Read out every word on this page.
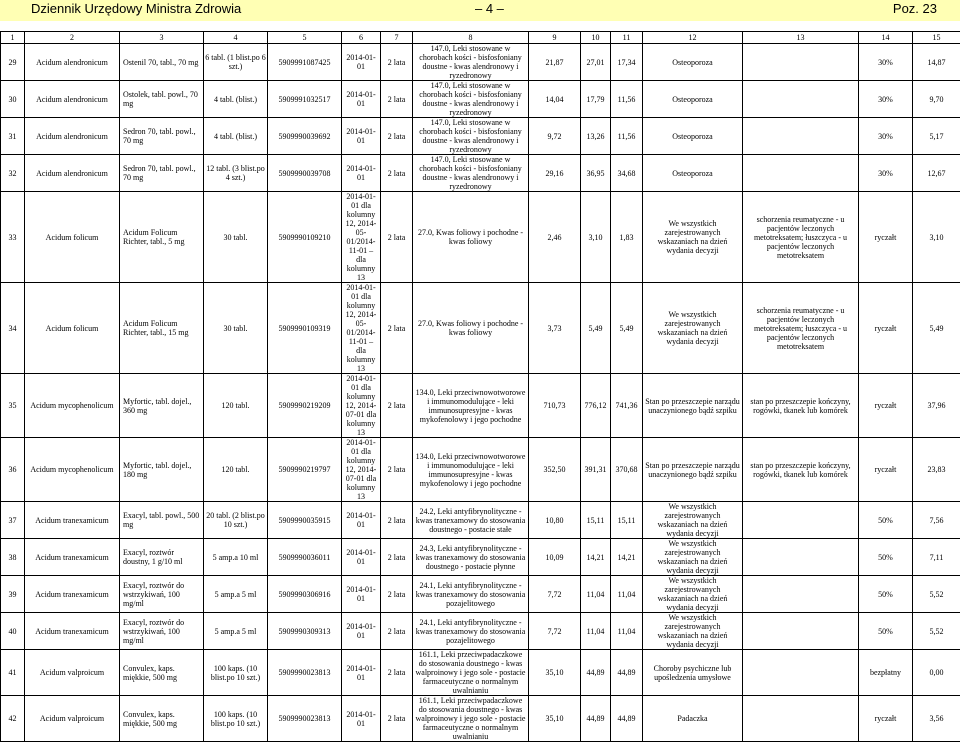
Dziennik Urzędowy Ministra Zdrowia	– 4 –	Poz. 23
1	2	3	4	5	6	7	8	9	10	11	12	13	14	15
29	Acidum alendronicum	Ostenil 70, tabl., 70 mg	6 tabl. (1 blist.po 6 szt.)	5909991087425	2014-01-01	2 lata	147.0, Leki stosowane w chorobach kości - bisfosfoniany doustne - kwas alendronowy i ryzedronowy	21,87	27,01	17,34	Osteoporoza		30%	14,87
30	Acidum alendronicum	Ostolek, tabl. powl., 70 mg	4 tabl. (blist.)	5909991032517	2014-01-01	2 lata	147.0, Leki stosowane w chorobach kości - bisfosfoniany doustne - kwas alendronowy i ryzedronowy	14,04	17,79	11,56	Osteoporoza		30%	9,70
31	Acidum alendronicum	Sedron 70, tabl. powl., 70 mg	4 tabl. (blist.)	5909990039692	2014-01-01	2 lata	147.0, Leki stosowane w chorobach kości - bisfosfoniany doustne - kwas alendronowy i ryzedronowy	9,72	13,26	11,56	Osteoporoza		30%	5,17
32	Acidum alendronicum	Sedron 70, tabl. powl., 70 mg	12 tabl. (3 blist.po 4 szt.)	5909990039708	2014-01-01	2 lata	147.0, Leki stosowane w chorobach kości - bisfosfoniany doustne - kwas alendronowy i ryzedronowy	29,16	36,95	34,68	Osteoporoza		30%	12,67
33	Acidum folicum	Acidum Folicum Richter, tabl., 5 mg	30 tabl.	5909990109210	2014-01-01 dla kolumny 12, 2014-05-01/2014-11-01 – dla kolumny 13	2 lata	27.0, Kwas foliowy i pochodne - kwas foliowy	2,46	3,10	1,83	We wszystkich zarejestrowanych wskazaniach na dzień wydania decyzji	schorzenia reumatyczne - u pacjentów leczonych metotreksatem; łuszczyca - u pacjentów leczonych metotreksatem	ryczałt	3,10
34	Acidum folicum	Acidum Folicum Richter, tabl., 15 mg	30 tabl.	5909990109319	2014-01-01 dla kolumny 12, 2014-05-01/2014-11-01 – dla kolumny 13	2 lata	27.0, Kwas foliowy i pochodne - kwas foliowy	3,73	5,49	5,49	We wszystkich zarejestrowanych wskazaniach na dzień wydania decyzji	schorzenia reumatyczne - u pacjentów leczonych metotreksatem; łuszczyca - u pacjentów leczonych metotreksatem	ryczałt	5,49
35	Acidum mycophenolicum	Myfortic, tabl. dojel., 360 mg	120 tabl.	5909990219209	2014-01-01 dla kolumny 12, 2014-07-01 dla kolumny 13	2 lata	134.0, Leki przeciwnowotworowe i immunomodulujące - leki immunosupresyjne - kwas mykofenolowy i jego pochodne	710,73	776,12	741,36	Stan po przeszczepie narządu unaczynionego bądź szpiku	stan po przeszczepie kończyny, rogówki, tkanek lub komórek	ryczałt	37,96
36	Acidum mycophenolicum	Myfortic, tabl. dojel., 180 mg	120 tabl.	5909990219797	2014-01-01 dla kolumny 12, 2014-07-01 dla kolumny 13	2 lata	134.0, Leki przeciwnowotworowe i immunomodulujące - leki immunosupresyjne - kwas mykofenolowy i jego pochodne	352,50	391,31	370,68	Stan po przeszczepie narządu unaczynionego bądź szpiku	stan po przeszczepie kończyny, rogówki, tkanek lub komórek	ryczałt	23,83
37	Acidum tranexamicum	Exacyl, tabl. powl., 500 mg	20 tabl. (2 blist.po 10 szt.)	5909990035915	2014-01-01	2 lata	24.2, Leki antyfibrynolityczne - kwas tranexamowy do stosowania doustnego - postacie stałe	10,80	15,11	15,11	We wszystkich zarejestrowanych wskazaniach na dzień wydania decyzji		50%	7,56
38	Acidum tranexamicum	Exacyl, roztwór doustny, 1 g/10 ml	5 amp.a 10 ml	5909990036011	2014-01-01	2 lata	24.3, Leki antyfibrynolityczne - kwas tranexamowy do stosowania doustnego - postacie płynne	10,09	14,21	14,21	We wszystkich zarejestrowanych wskazaniach na dzień wydania decyzji		50%	7,11
39	Acidum tranexamicum	Exacyl, roztwór do wstrzykiwań, 100 mg/ml	5 amp.a 5 ml	5909990306916	2014-01-01	2 lata	24.1, Leki antyfibrynolityczne - kwas tranexamowy do stosowania pozajelitowego	7,72	11,04	11,04	We wszystkich zarejestrowanych wskazaniach na dzień wydania decyzji		50%	5,52
40	Acidum tranexamicum	Exacyl, roztwór do wstrzykiwań, 100 mg/ml	5 amp.a 5 ml	5909990309313	2014-01-01	2 lata	24.1, Leki antyfibrynolityczne - kwas tranexamowy do stosowania pozajelitowego	7,72	11,04	11,04	We wszystkich zarejestrowanych wskazaniach na dzień wydania decyzji		50%	5,52
41	Acidum valproicum	Convulex, kaps. miękkie, 500 mg	100 kaps. (10 blist.po 10 szt.)	5909990023813	2014-01-01	2 lata	161.1, Leki przeciwpadaczkowe do stosowania doustnego - kwas walproinowy i jego sole - postacie farmaceutyczne o normalnym uwalnianiu	35,10	44,89	44,89	Choroby psychiczne lub upośledzenia umysłowe		bezpłatny	0,00
42	Acidum valproicum	Convulex, kaps. miękkie, 500 mg	100 kaps. (10 blist.po 10 szt.)	5909990023813	2014-01-01	2 lata	161.1, Leki przeciwpadaczkowe do stosowania doustnego - kwas walproinowy i jego sole - postacie farmaceutyczne o normalnym uwalnianiu	35,10	44,89	44,89	Padaczka		ryczałt	3,56
